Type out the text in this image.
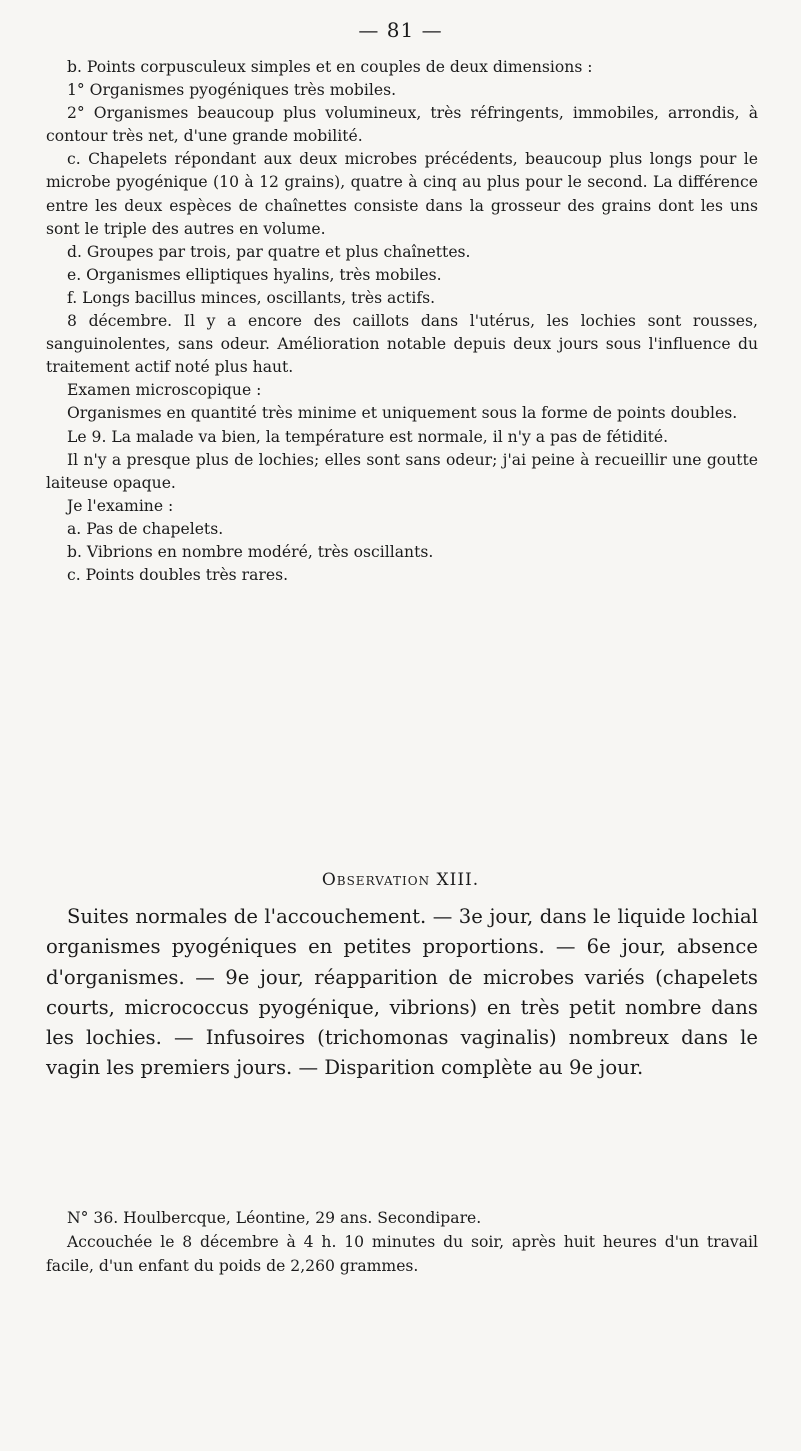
— 81 —

b. Points corpusculeux simples et en couples de deux dimensions :

1° Organismes pyogéniques très mobiles.

2° Organismes beaucoup plus volumineux, très réfringents, immobiles, arrondis, à contour très net, d'une grande mobilité.

c. Chapelets répondant aux deux microbes précédents, beaucoup plus longs pour le microbe pyogénique (10 à 12 grains), quatre à cinq au plus pour le second. La différence entre les deux espèces de chaînettes consiste dans la grosseur des grains dont les uns sont le triple des autres en volume.

d. Groupes par trois, par quatre et plus chaînettes.

e. Organismes elliptiques hyalins, très mobiles.

f. Longs bacillus minces, oscillants, très actifs.

8 décembre. Il y a encore des caillots dans l'utérus, les lochies sont rousses, sanguinolentes, sans odeur. Amélioration notable depuis deux jours sous l'influence du traitement actif noté plus haut.

Examen microscopique :

Organismes en quantité très minime et uniquement sous la forme de points doubles.

Le 9. La malade va bien, la température est normale, il n'y a pas de fétidité.

Il n'y a presque plus de lochies; elles sont sans odeur; j'ai peine à recueillir une goutte laiteuse opaque.

Je l'examine :

a. Pas de chapelets.

b. Vibrions en nombre modéré, très oscillants.

c. Points doubles très rares.

Observation XIII.

Suites normales de l'accouchement. — 3e jour, dans le liquide lochial organismes pyogéniques en petites proportions. — 6e jour, absence d'organismes. — 9e jour, réapparition de microbes variés (chapelets courts, micrococcus pyogénique, vibrions) en très petit nombre dans les lochies. — Infusoires (trichomonas vaginalis) nombreux dans le vagin les premiers jours. — Disparition complète au 9e jour.

N° 36. Houlbercque, Léontine, 29 ans. Secondipare.

Accouchée le 8 décembre à 4 h. 10 minutes du soir, après huit heures d'un travail facile, d'un enfant du poids de 2,260 grammes.
